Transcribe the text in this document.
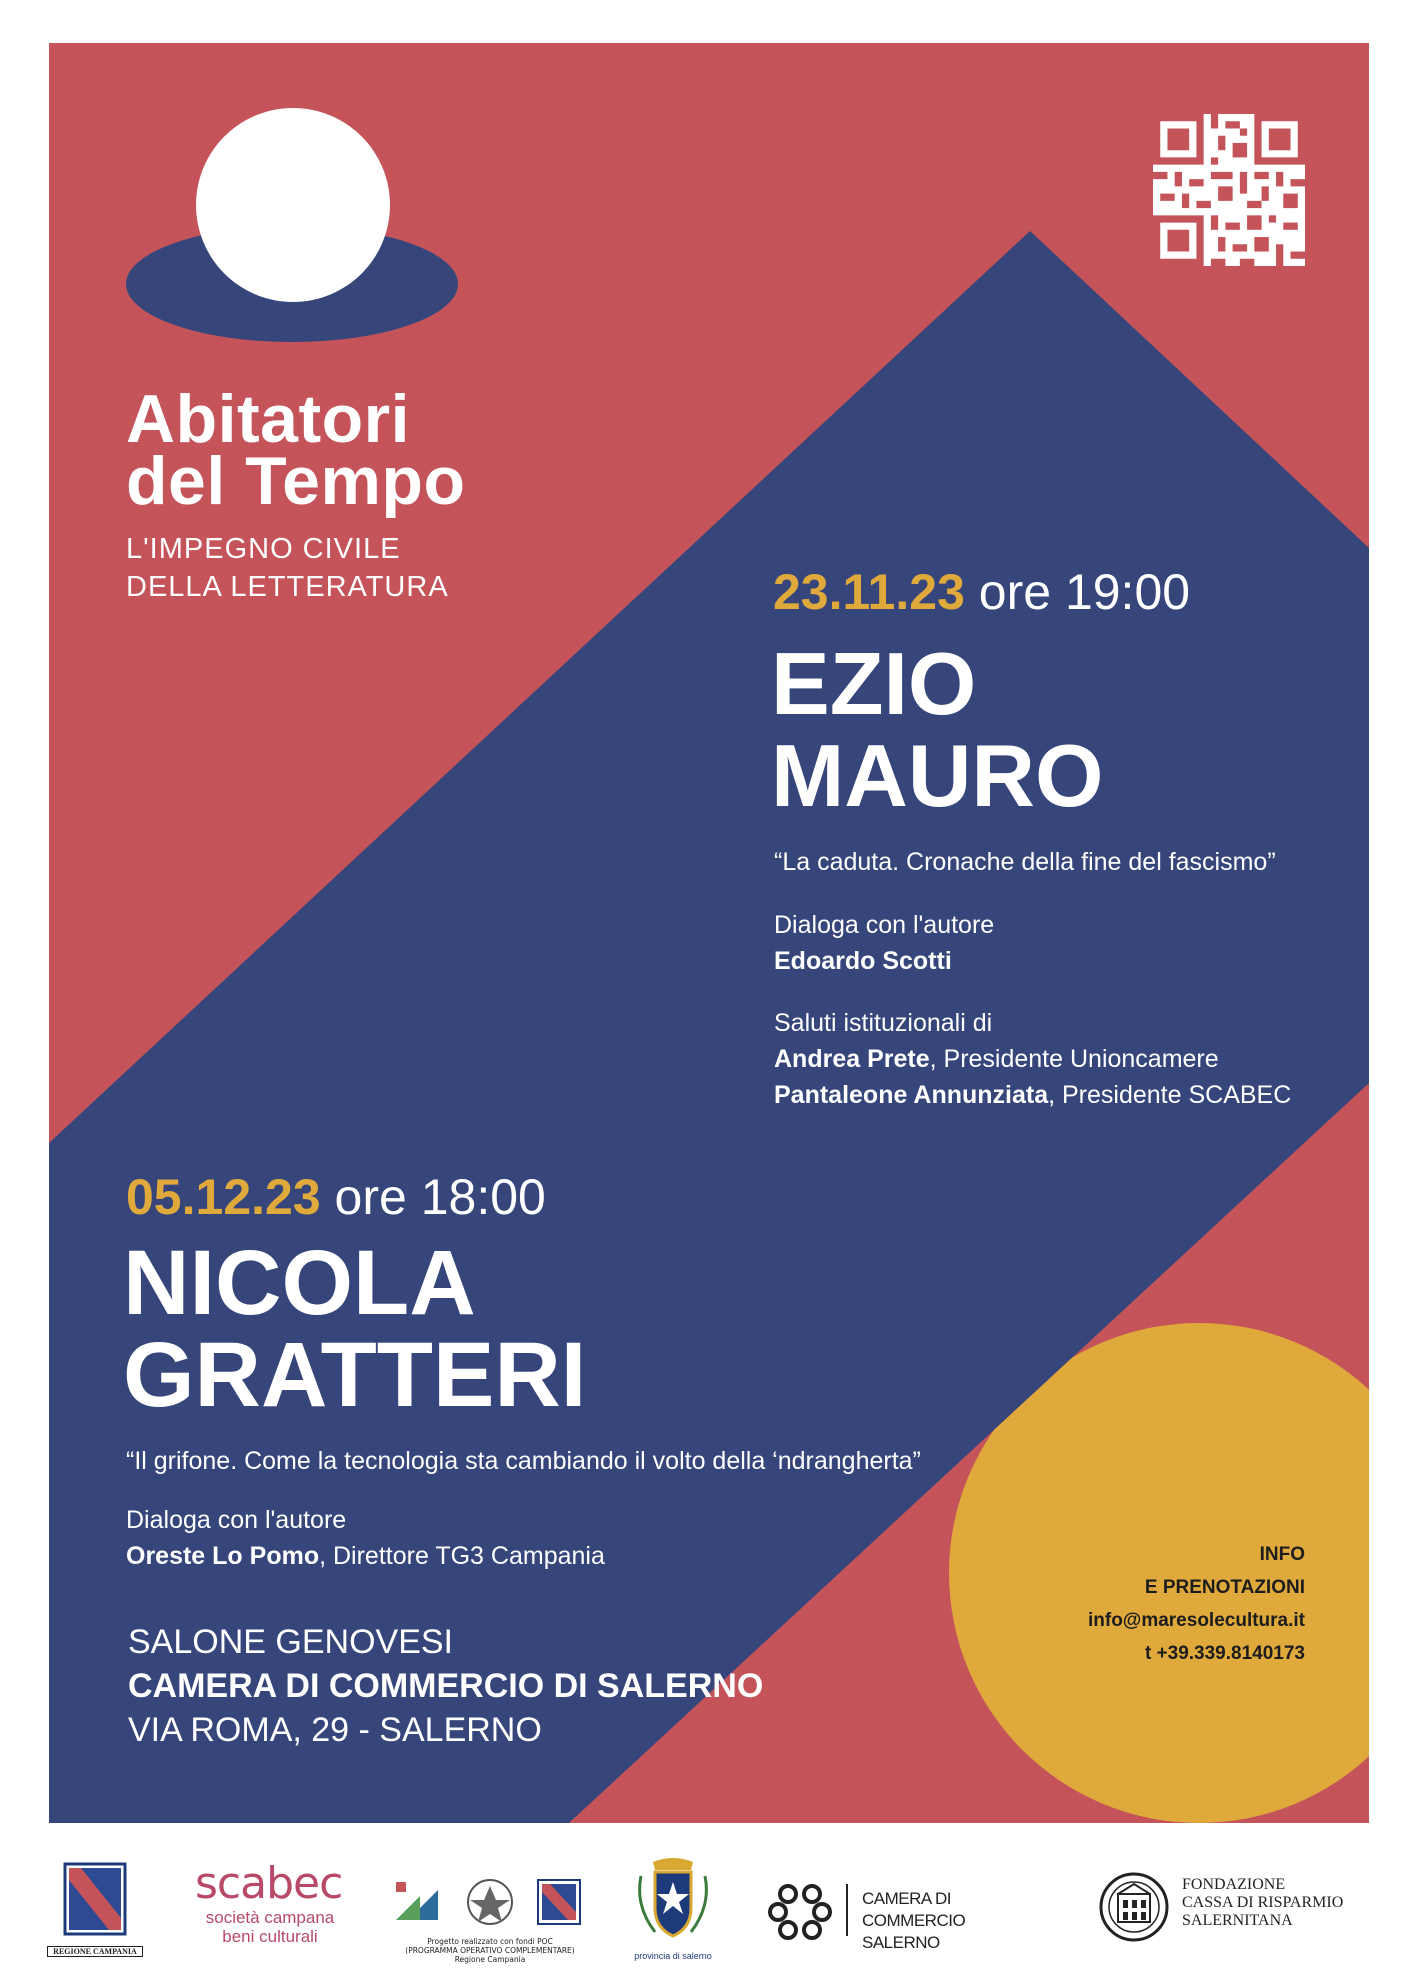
Abitatori
del Tempo
L'IMPEGNO CIVILE
DELLA LETTERATURA	23.11.23 ore 19:00
EZIO
MAURO
“La caduta. Cronache della fine del fascismo”
Dialoga con l'autore
Edoardo Scotti
Saluti istituzionali di
Andrea Prete, Presidente Unioncamere
Pantaleone Annunziata, Presidente SCABEC
05.12.23 ore 18:00
NICOLA
GRATTERI
“Il grifone. Come la tecnologia sta cambiando il volto della ‘ndrangherta”
Dialoga con l'autore
Oreste Lo Pomo, Direttore TG3 Campania
SALONE GENOVESI
CAMERA DI COMMERCIO DI SALERNO
VIA ROMA, 29 - SALERNO
INFO
E PRENOTAZIONI
info@maresolecultura.it
t +39.339.8140173
REGIONE CAMPANIA
scabec
società campana
beni culturali	Progetto realizzato con fondi POC
(PROGRAMMA OPERATIVO COMPLEMENTARE)
Regione Campania	provincia di salerno
CAMERA DI COMMERCIO
SALERNO
FONDAZIONE
CASSA DI RISPARMIO
SALERNITANA
